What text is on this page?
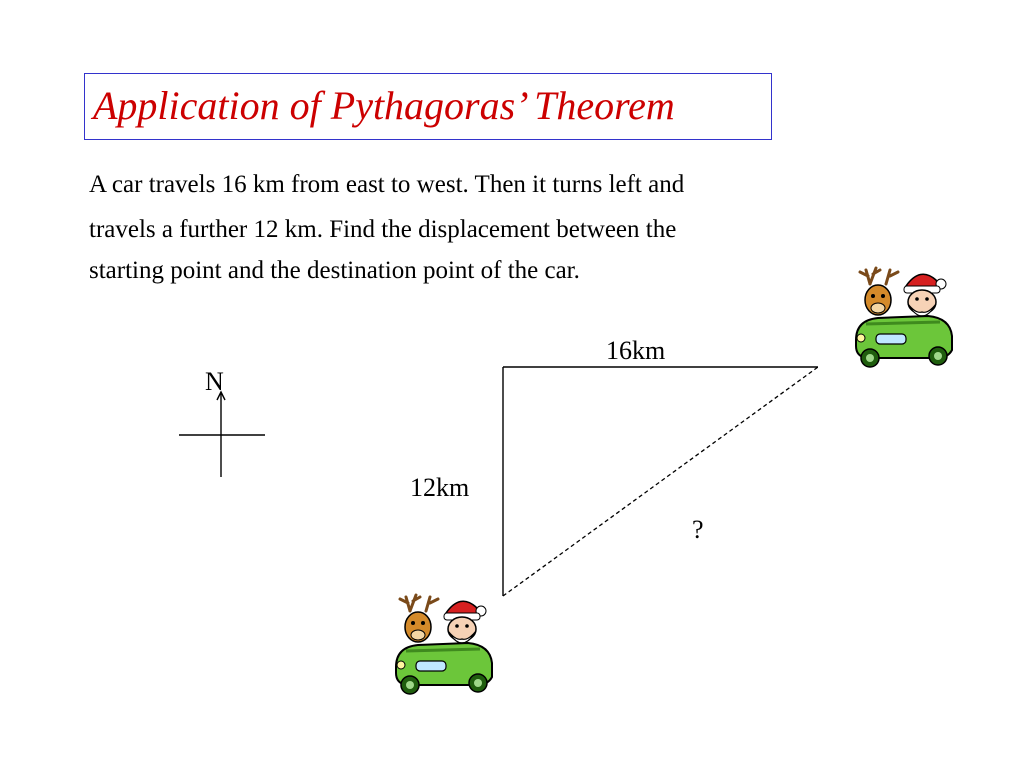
Application of Pythagoras’ Theorem
A car travels 16 km from east to west. Then it turns left and
travels a further 12 km. Find the displacement between the
starting point and the destination point of the car.
16km
12km
?
N
